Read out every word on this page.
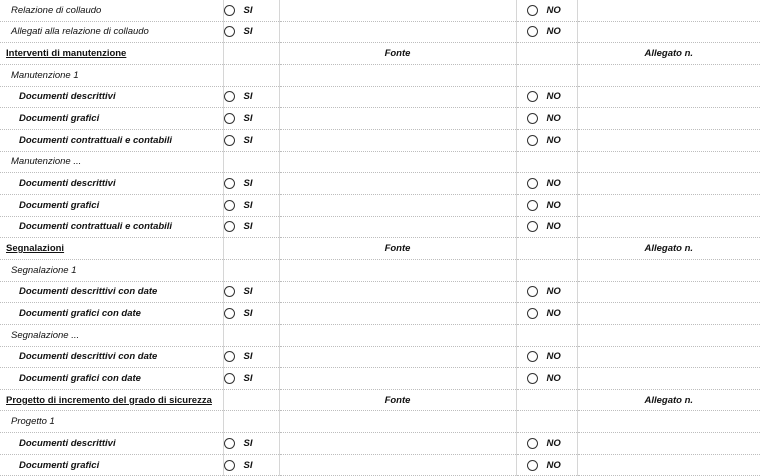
Relazione di collaudo	SI		NO	
Allegati alla relazione di collaudo	SI		NO	
Interventi di manutenzione		Fonte		Allegato n.
Manutenzione 1				
Documenti descrittivi	SI		NO	
Documenti grafici	SI		NO	
Documenti contrattuali e contabili	SI		NO	
Manutenzione ...				
Documenti descrittivi	SI		NO	
Documenti grafici	SI		NO	
Documenti contrattuali e contabili	SI		NO	
Segnalazioni		Fonte		Allegato n.
Segnalazione 1				
Documenti descrittivi con date	SI		NO	
Documenti grafici con date	SI		NO	
Segnalazione ...				
Documenti descrittivi con date	SI		NO	
Documenti grafici con date	SI		NO	
Progetto di incremento del grado di sicurezza		Fonte		Allegato n.
Progetto 1				
Documenti descrittivi	SI		NO	
Documenti grafici	SI		NO	
